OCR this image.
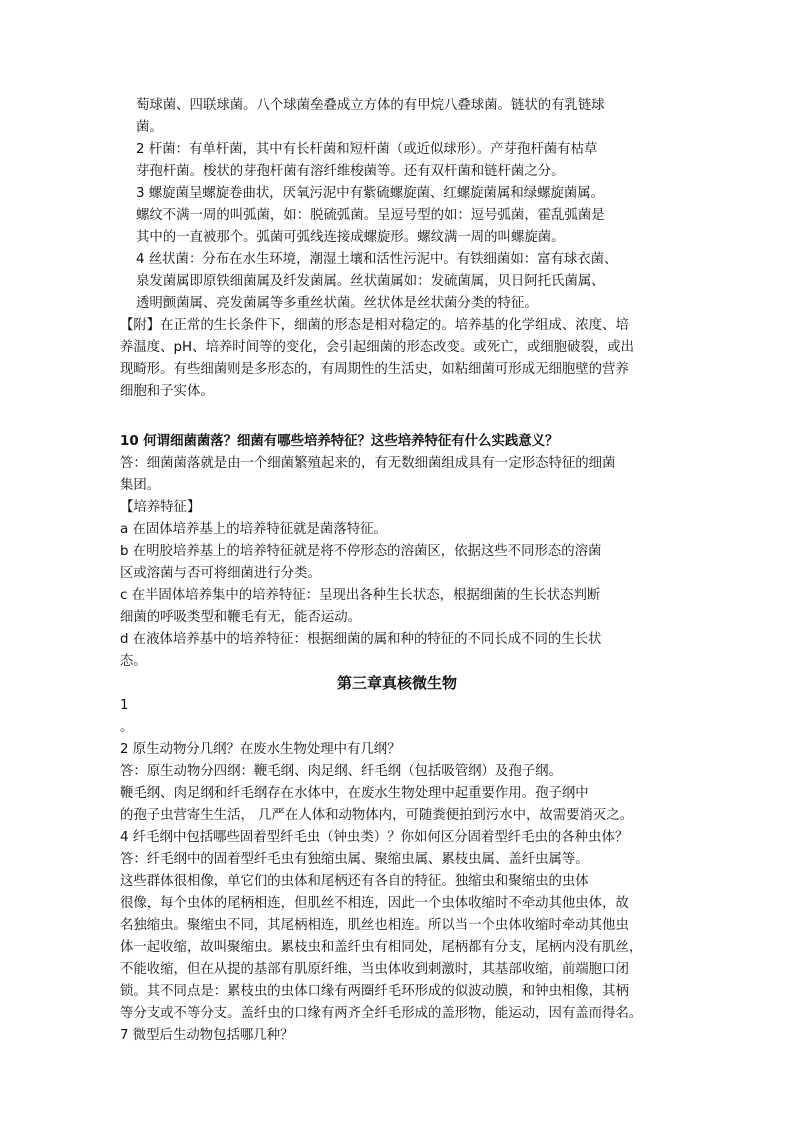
萄球菌、四联球菌。八个球菌垒叠成立方体的有甲烷八叠球菌。链状的有乳链球
菌。
2 杆菌：有单杆菌，其中有长杆菌和短杆菌（或近似球形）。产芽孢杆菌有枯草
芽孢杆菌。梭状的芽孢杆菌有溶纤维梭菌等。还有双杆菌和链杆菌之分。
3 螺旋菌呈螺旋卷曲状，厌氧污泥中有紫硫螺旋菌、红螺旋菌属和绿螺旋菌属。
螺纹不满一周的叫弧菌，如：脱硫弧菌。呈逗号型的如：逗号弧菌，霍乱弧菌是
其中的一直被那个。弧菌可弧线连接成螺旋形。螺纹满一周的叫螺旋菌。
4 丝状菌：分布在水生环境，潮湿土壤和活性污泥中。有铁细菌如：富有球衣菌、
泉发菌属即原铁细菌属及纤发菌属。丝状菌属如：发硫菌属，贝日阿托氏菌属、
透明颤菌属、亮发菌属等多重丝状菌。丝状体是丝状菌分类的特征。
【附】在正常的生长条件下，细菌的形态是相对稳定的。培养基的化学组成、浓度、培
养温度、pH、培养时间等的变化，会引起细菌的形态改变。或死亡，或细胞破裂，或出
现畸形。有些细菌则是多形态的，有周期性的生活史，如粘细菌可形成无细胞壁的营养
细胞和子实体。
10 何谓细菌菌落？细菌有哪些培养特征？这些培养特征有什么实践意义？
答：细菌菌落就是由一个细菌繁殖起来的，有无数细菌组成具有一定形态特征的细菌
集团。
【培养特征】
a 在固体培养基上的培养特征就是菌落特征。
b 在明胶培养基上的培养特征就是将不停形态的溶菌区，依据这些不同形态的溶菌
区或溶菌与否可将细菌进行分类。
c 在半固体培养集中的培养特征：呈现出各种生长状态，根据细菌的生长状态判断
细菌的呼吸类型和鞭毛有无，能否运动。
d 在液体培养基中的培养特征：根据细菌的属和种的特征的不同长成不同的生长状
态。
第三章真核微生物
1
。
2 原生动物分几纲？在废水生物处理中有几纲？
答：原生动物分四纲：鞭毛纲、肉足纲、纤毛纲（包括吸管纲）及孢子纲。
鞭毛纲、肉足纲和纤毛纲存在水体中，在废水生物处理中起重要作用。孢子纲中
的孢子虫营寄生生活， 几严在人体和动物体内，可随粪便拍到污水中，故需要消灭之。
4 纤毛纲中包括哪些固着型纤毛虫（钟虫类）？你如何区分固着型纤毛虫的各种虫体？
答：纤毛纲中的固着型纤毛虫有独缩虫属、聚缩虫属、累枝虫属、盖纤虫属等。
这些群体很相像，单它们的虫体和尾柄还有各自的特征。独缩虫和聚缩虫的虫体
很像，每个虫体的尾柄相连，但肌丝不相连，因此一个虫体收缩时不牵动其他虫体，故
名独缩虫。聚缩虫不同，其尾柄相连，肌丝也相连。所以当一个虫体收缩时牵动其他虫
体一起收缩，故叫聚缩虫。累枝虫和盖纤虫有相同处，尾柄都有分支，尾柄内没有肌丝，
不能收缩，但在从提的基部有肌原纤维，当虫体收到刺激时，其基部收缩，前端胞口闭
锁。其不同点是：累枝虫的虫体口缘有两圈纤毛环形成的似波动膜，和钟虫相像，其柄
等分支或不等分支。盖纤虫的口缘有两齐全纤毛形成的盖形物，能运动，因有盖而得名。
7 微型后生动物包括哪几种？
